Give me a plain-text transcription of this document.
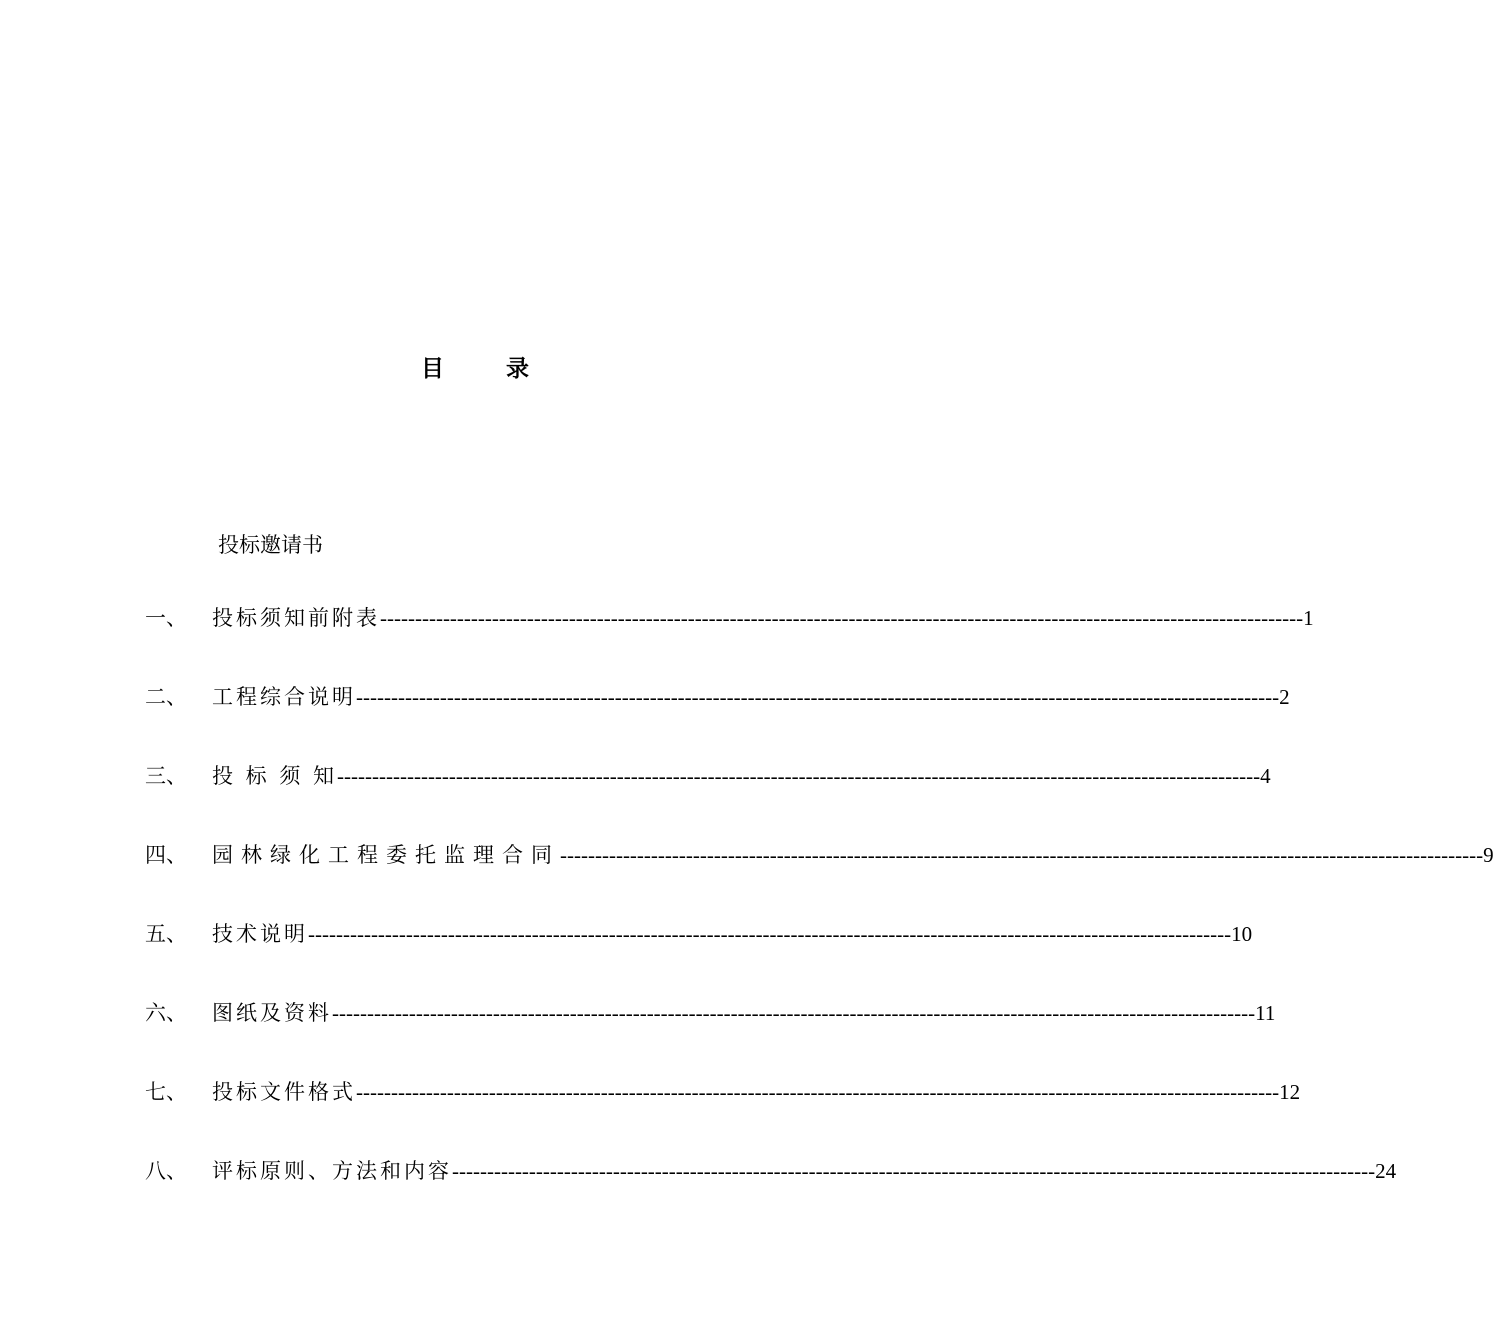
目	录
投标邀请书
一、	投标须知前附表 ------------------------------------------------------------------------------------------------------------------------------------ 1
二、	工程综合说明 ------------------------------------------------------------------------------------------------------------------------------------ 2
三、	投 标 须 知 ------------------------------------------------------------------------------------------------------------------------------------ 4
四、	园林绿化工程委托监理合同 ------------------------------------------------------------------------------------------------------------------------------------ 9
五、	技术说明 ------------------------------------------------------------------------------------------------------------------------------------ 10
六、	图纸及资料 ------------------------------------------------------------------------------------------------------------------------------------ 11
七、	投标文件格式 ------------------------------------------------------------------------------------------------------------------------------------ 12
八、	评标原则、方法和内容 ------------------------------------------------------------------------------------------------------------------------------------ 24
